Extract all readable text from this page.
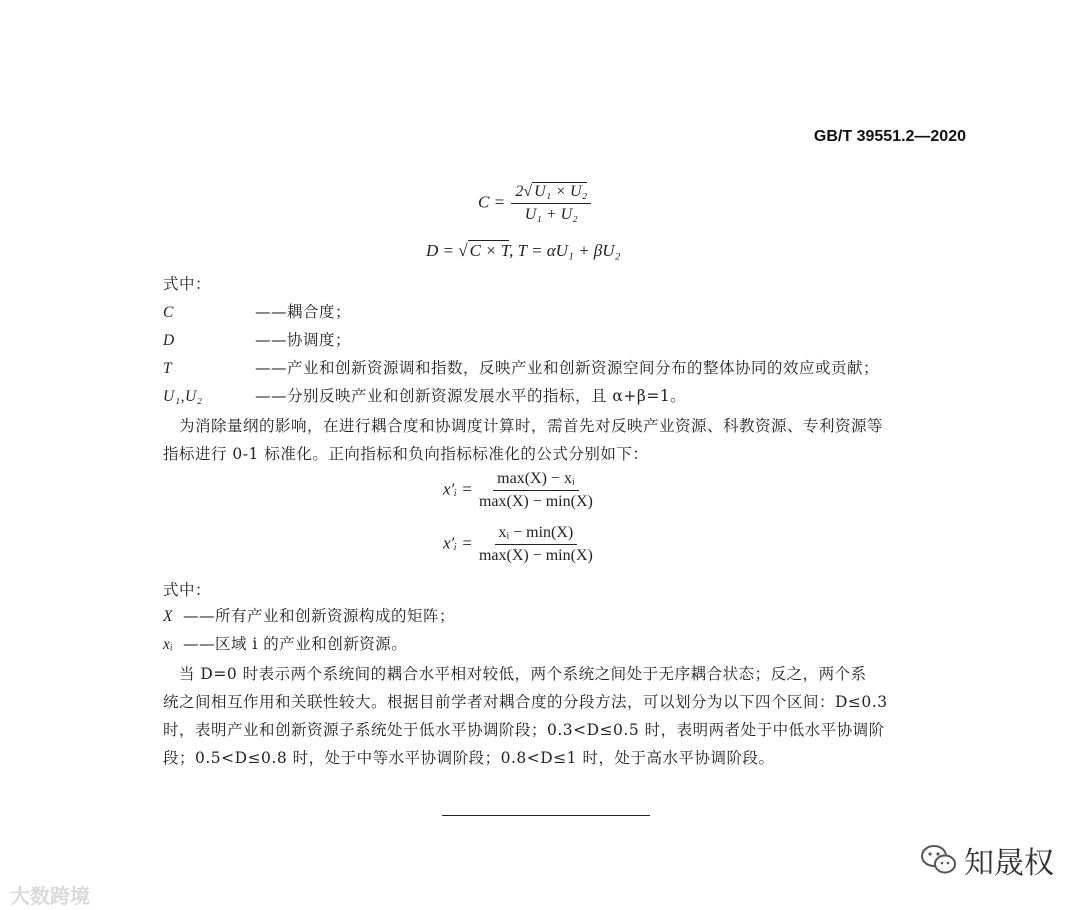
GB/T 39551.2—2020
$C = \frac{\text{2√ U₁ × U₂}}{\text{U₁ + U₂}}$
D = √ C × T, T = αU₁ + βU₂
式中：
C	——耦合度；
D	——协调度；
T	——产业和创新资源调和指数，反映产业和创新资源空间分布的整体协同的效应或贡献；
U₁,U₂	——分别反映产业和创新资源发展水平的指标，且 α+β=1。
　为消除量纲的影响，在进行耦合度和协调度计算时，需首先对反映产业资源、科教资源、专利资源等
指标进行 0-1 标准化。正向指标和负向指标标准化的公式分别如下：
x′ᵢ = $\frac{\text{max(X) − xᵢ}}{\max(X) - \min(X)}$
x′ᵢ = $\frac{\text{xᵢ − min(X)}}{\max(X) - \min(X)}$
式中：
X ——所有产业和创新资源构成的矩阵；
xᵢ ——区域 i 的产业和创新资源。
　当 D=0 时表示两个系统间的耦合水平相对较低，两个系统之间处于无序耦合状态；反之，两个系
统之间相互作用和关联性较大。根据目前学者对耦合度的分段方法，可以划分为以下四个区间：D≤0.3
时，表明产业和创新资源子系统处于低水平协调阶段；0.3<D≤0.5 时，表明两者处于中低水平协调阶
段；0.5<D≤0.8 时，处于中等水平协调阶段；0.8<D≤1 时，处于高水平协调阶段。
大数跨境
知晟权
